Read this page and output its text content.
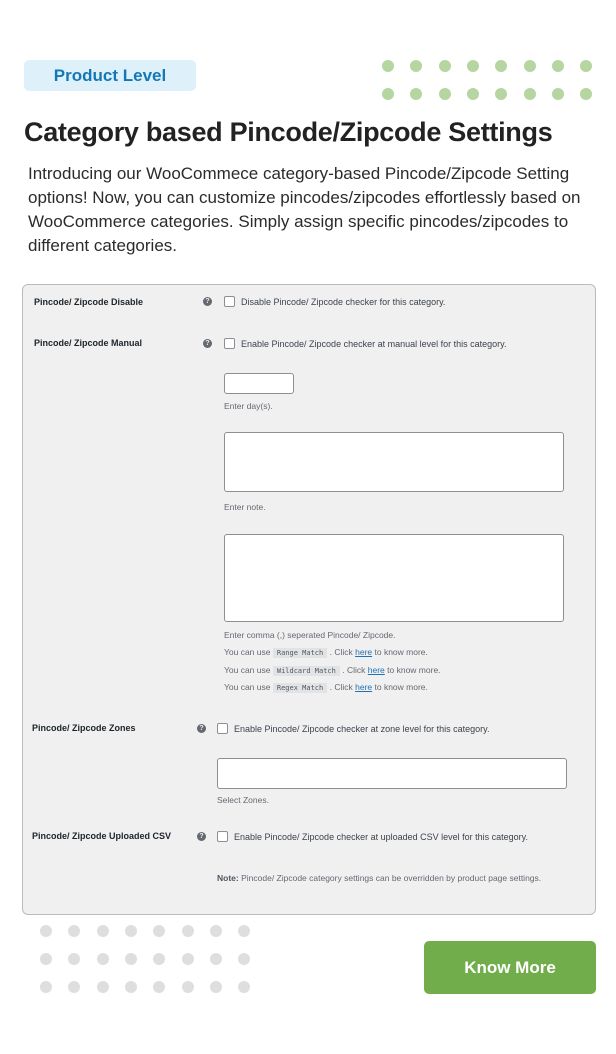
Product Level
Category based Pincode/Zipcode Settings

Introducing our WooCommece category-based Pincode/Zipcode Setting options! Now, you can customize pincodes/zipcodes effortlessly based on WooCommerce categories. Simply assign specific pincodes/zipcodes to different categories.

Pincode/ Zipcode Disable	?	Disable Pincode/ Zipcode checker for this category.
Pincode/ Zipcode Manual	?	Enable Pincode/ Zipcode checker at manual level for this category.
Enter day(s).
Enter note.
Enter comma (,) seperated Pincode/ Zipcode.
You can use Range Match . Click here to know more.
You can use Wildcard Match . Click here to know more.
You can use Regex Match . Click here to know more.
Pincode/ Zipcode Zones	?	Enable Pincode/ Zipcode checker at zone level for this category.
Select Zones.
Pincode/ Zipcode Uploaded CSV	?	Enable Pincode/ Zipcode checker at uploaded CSV level for this category.
Note: Pincode/ Zipcode category settings can be overridden by product page settings.
Know More
